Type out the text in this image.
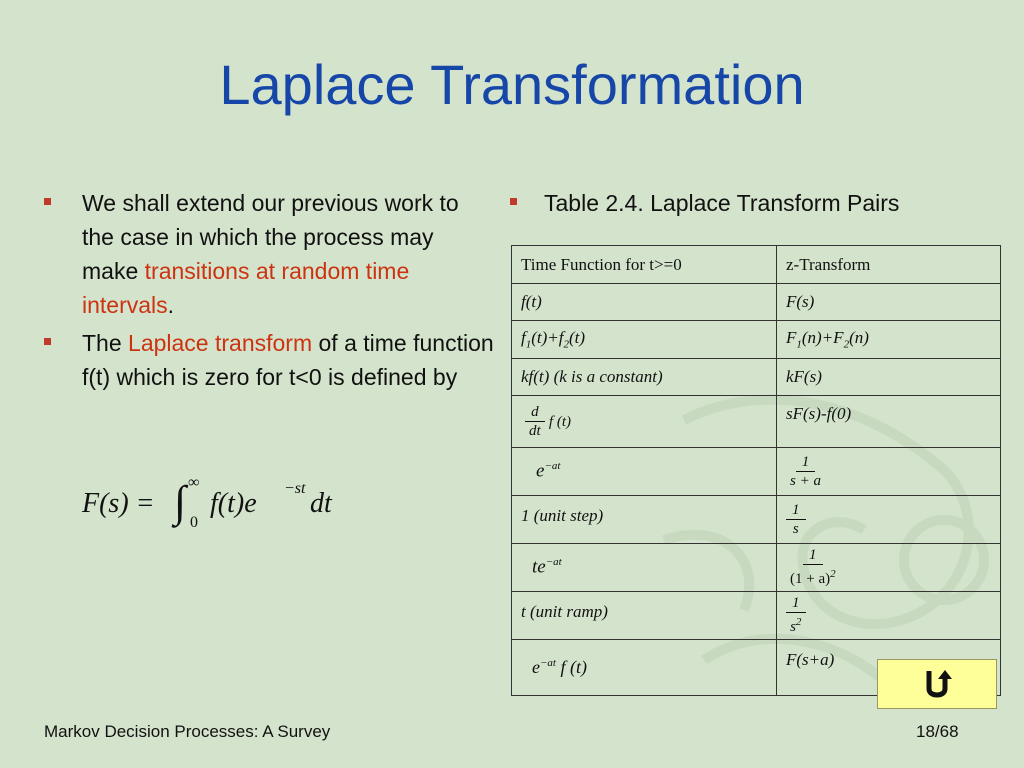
Laplace Transformation
We shall extend our previous work to the case in which the process may make transitions at random time intervals.
The Laplace transform of a time function f(t) which is zero for t<0 is defined by
F(s) = ∫ 0
∞
f(t)e −st dt
Table 2.4. Laplace Transform Pairs
Time Function for t>=0	z-Transform
f(t)	F(s)
$f_1(t)+f_2(t)$	$F_1(n)+F_2(n)$
kf(t) (k is a constant)	kF(s)

$\frac{d}{dt}$ f (t)	sF(s)-f(0)
$e^{-at}$	$\frac{1}{s + a}$

1 (unit step)	$\frac{1}{s}$

$te^{-at}$	$\frac{1}{(1 + a)^2}$

t (unit ramp)	$\frac{1}{s^2}$

$e^{-at}$ f (t)	F(s+a)
Markov Decision Processes: A Survey	18/68
